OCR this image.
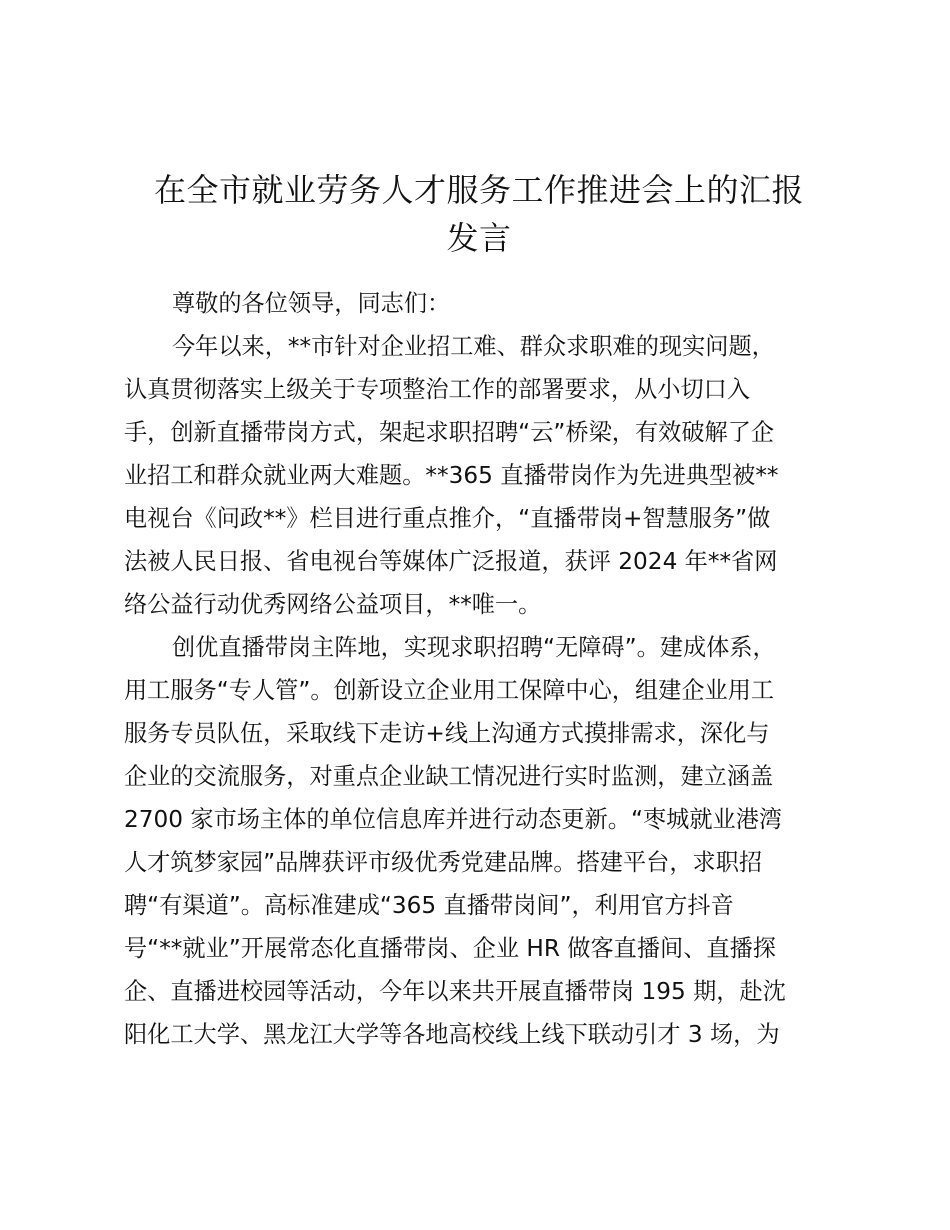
在全市就业劳务人才服务工作推进会上的汇报
发言
尊敬的各位领导，同志们：
今年以来，**市针对企业招工难、群众求职难的现实问题，
认真贯彻落实上级关于专项整治工作的部署要求，从小切口入
手，创新直播带岗方式，架起求职招聘“云”桥梁，有效破解了企
业招工和群众就业两大难题。**365 直播带岗作为先进典型被**
电视台《问政**》栏目进行重点推介，“直播带岗+智慧服务”做
法被人民日报、省电视台等媒体广泛报道，获评 2024 年**省网
络公益行动优秀网络公益项目，**唯一。
创优直播带岗主阵地，实现求职招聘“无障碍”。建成体系，
用工服务“专人管”。创新设立企业用工保障中心，组建企业用工
服务专员队伍，采取线下走访+线上沟通方式摸排需求，深化与
企业的交流服务，对重点企业缺工情况进行实时监测，建立涵盖
2700 家市场主体的单位信息库并进行动态更新。“枣城就业港湾
人才筑梦家园”品牌获评市级优秀党建品牌。搭建平台，求职招
聘“有渠道”。高标准建成“365 直播带岗间”，利用官方抖音
号“**就业”开展常态化直播带岗、企业 HR 做客直播间、直播探
企、直播进校园等活动，今年以来共开展直播带岗 195 期，赴沈
阳化工大学、黑龙江大学等各地高校线上线下联动引才 3 场，为
